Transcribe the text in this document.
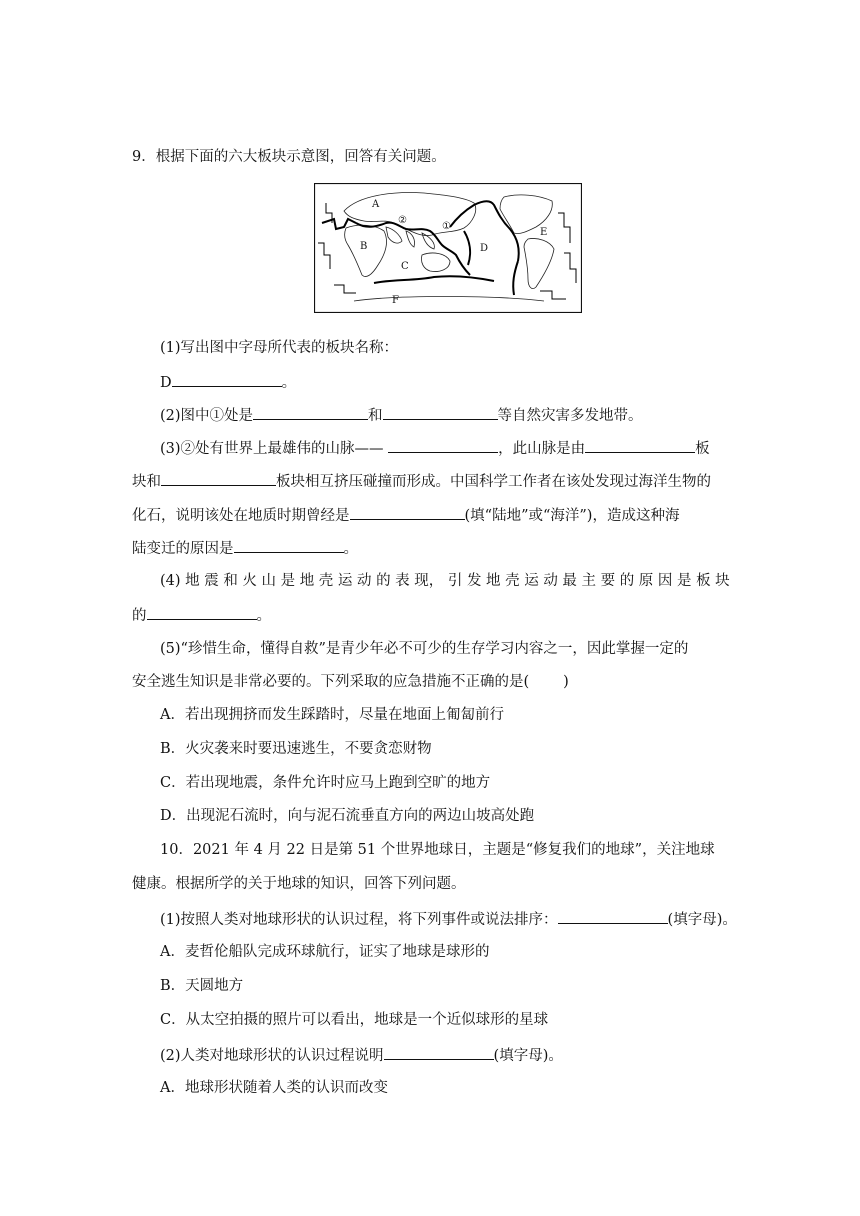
9．根据下面的六大板块示意图，回答有关问题。
A
B
C
D
E
F
②
①
(1)写出图中字母所代表的板块名称：
D	。
(2)图中①处是	和	等自然灾害多发地带。
(3)②处有世界上最雄伟的山脉——	，此山脉是由	板
块和	板块相互挤压碰撞而形成。中国科学工作者在该处发现过海洋生物的
化石，说明该处在地质时期曾经是	(填“陆地”或“海洋”)，造成这种海
陆变迁的原因是	。
(4) 地 震 和 火 山 是 地 壳 运 动 的 表 现， 引 发 地 壳 运 动 最 主 要 的 原 因 是 板 块
的	。
(5)“珍惜生命，懂得自救”是青少年必不可少的生存学习内容之一，因此掌握一定的
安全逃生知识是非常必要的。下列采取的应急措施不正确的是( )
A．若出现拥挤而发生踩踏时，尽量在地面上匍匐前行
B．火灾袭来时要迅速逃生，不要贪恋财物
C．若出现地震，条件允许时应马上跑到空旷的地方
D．出现泥石流时，向与泥石流垂直方向的两边山坡高处跑
10．2021 年 4 月 22 日是第 51 个世界地球日，主题是“修复我们的地球”，关注地球
健康。根据所学的关于地球的知识，回答下列问题。
(1)按照人类对地球形状的认识过程，将下列事件或说法排序：	(填字母)。
A．麦哲伦船队完成环球航行，证实了地球是球形的
B．天圆地方
C．从太空拍摄的照片可以看出，地球是一个近似球形的星球
(2)人类对地球形状的认识过程说明	(填字母)。
A．地球形状随着人类的认识而改变
